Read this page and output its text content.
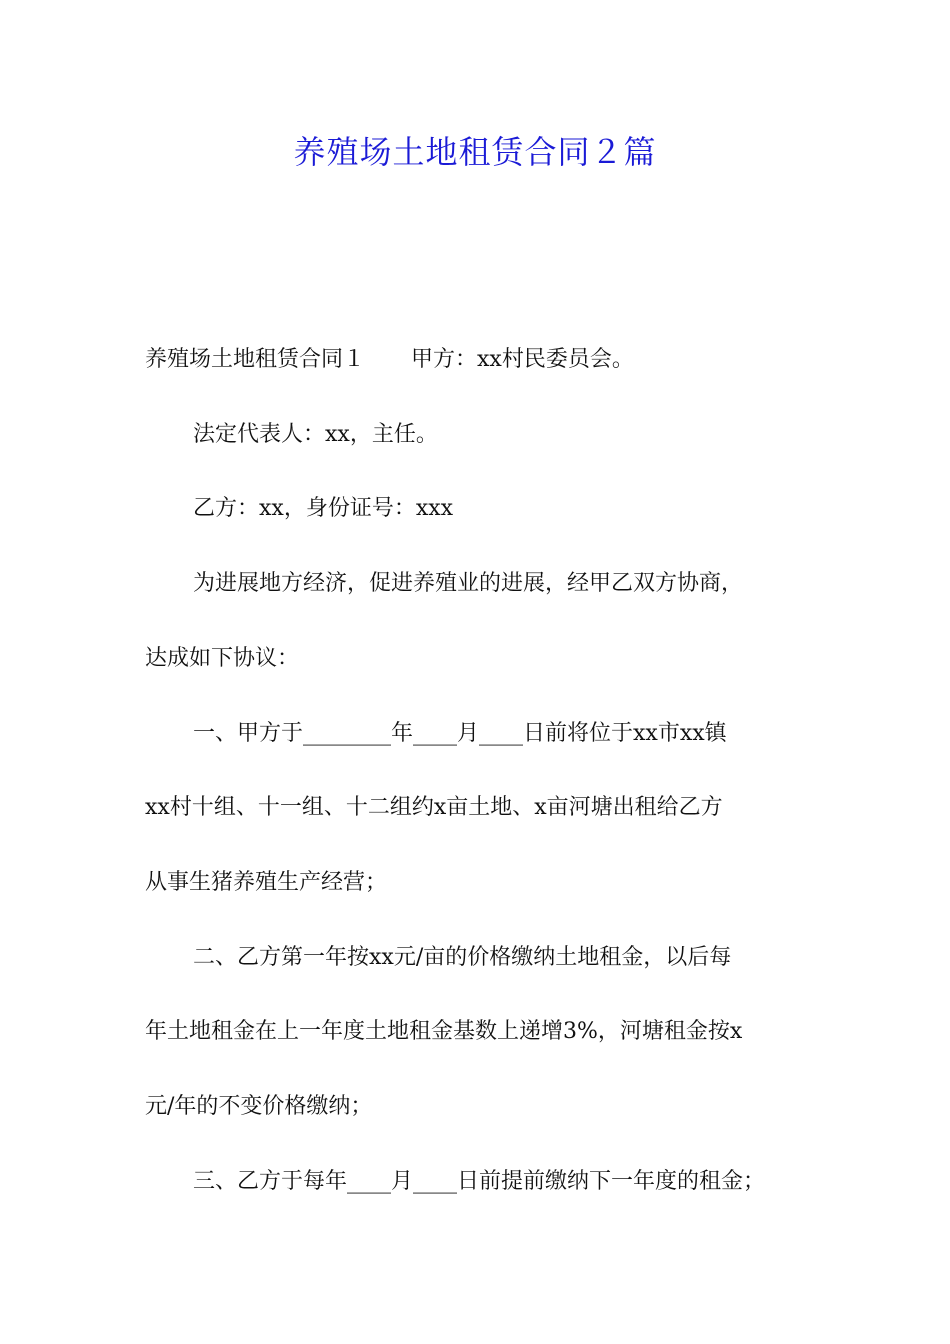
养殖场土地租赁合同２篇
养殖场土地租赁合同１ 甲方：xx村民委员会。
法定代表人：xx，主任。
乙方：xx，身份证号：xxx
为进展地方经济，促进养殖业的进展，经甲乙双方协商，
达成如下协议：
一、甲方于________年____月____日前将位于xx市xx镇
xx村十组、十一组、十二组约x亩土地、x亩河塘出租给乙方
从事生猪养殖生产经营；
二、乙方第一年按xx元/亩的价格缴纳土地租金，以后每
年土地租金在上一年度土地租金基数上递增3%，河塘租金按x
元/年的不变价格缴纳；
三、乙方于每年____月____日前提前缴纳下一年度的租金；
